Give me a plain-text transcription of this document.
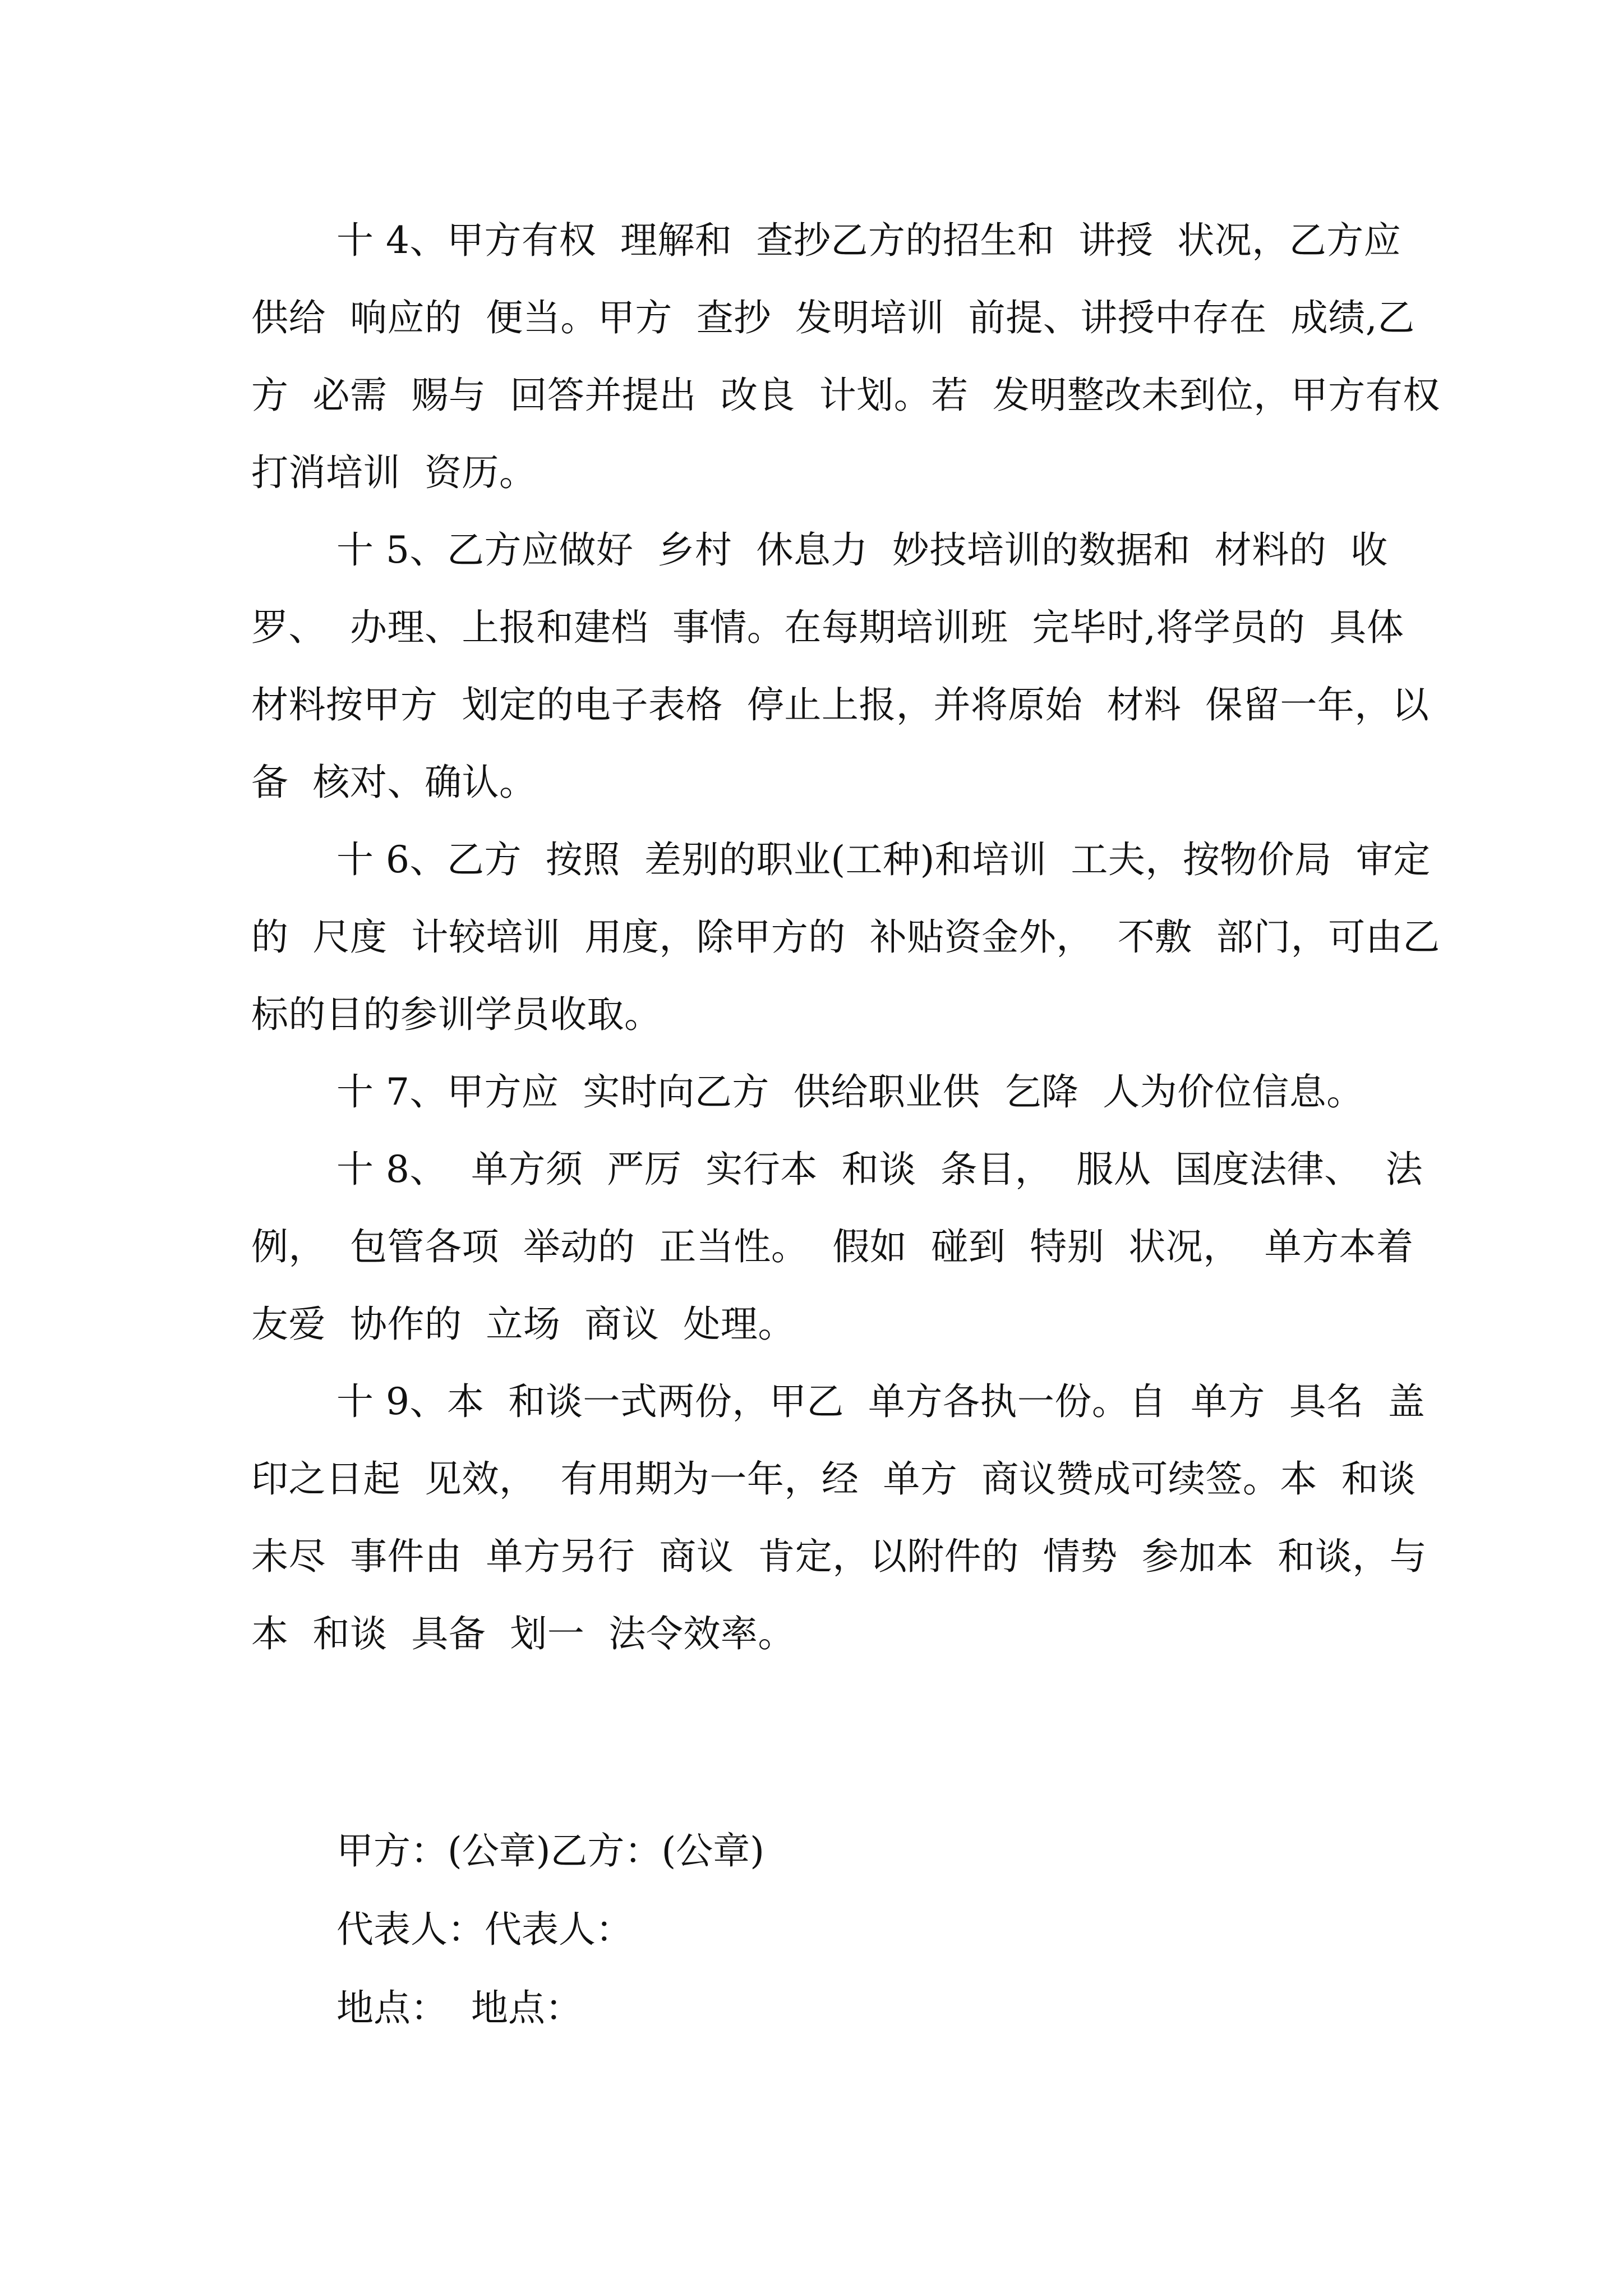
十 4、甲方有权  理解和  查抄乙方的招生和  讲授  状况，乙方应  供给  响应的  便当。甲方  查抄  发明培训  前提、讲授中存在  成绩,乙方  必需  赐与  回答并提出  改良  计划。若  发明整改未到位，甲方有权  打消培训  资历。

十 5、乙方应做好  乡村  休息力  妙技培训的数据和  材料的  收罗、  办理、上报和建档  事情。在每期培训班  完毕时,将学员的  具体  材料按甲方  划定的电子表格  停止上报，并将原始  材料  保留一年，以备  核对、确认。

十 6、乙方  按照  差别的职业(工种)和培训  工夫，按物价局  审定的  尺度  计较培训  用度，除甲方的  补贴资金外，  不敷  部门，可由乙  标的目的参训学员收取。

十 7、甲方应  实时向乙方  供给职业供  乞降  人为价位信息。

十 8、  单方须  严厉  实行本  和谈  条目，  服从  国度法律、  法例，  包管各项  举动的  正当性。  假如  碰到  特别  状况，  单方本着  友爱  协作的  立场  商议  处理。

十 9、本  和谈一式两份，甲乙  单方各执一份。自  单方  具名  盖印之日起  见效，  有用期为一年，经  单方  商议赞成可续签。本  和谈未尽  事件由  单方另行  商议  肯定，以附件的  情势  参加本  和谈，与本  和谈  具备  划一  法令效率。

甲方：(公章)乙方：(公章)

代表人：代表人：

地点：  地点：
